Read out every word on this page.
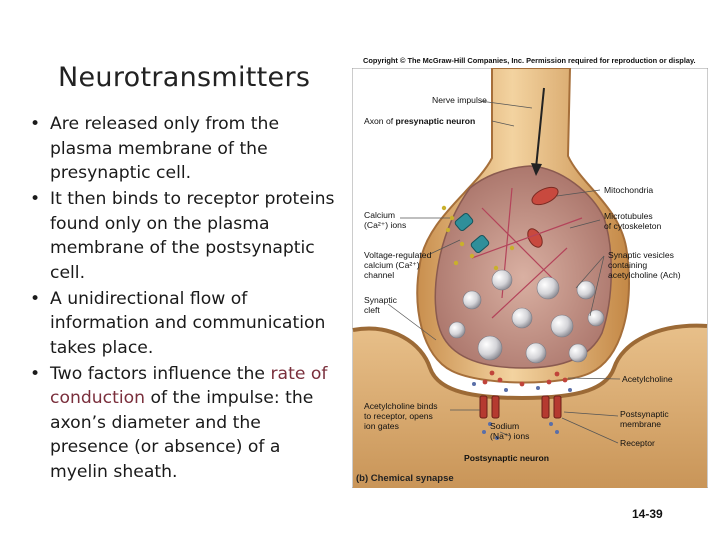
Neurotransmitters
• Are released only from the plasma membrane of the presynaptic cell.
• It then binds to receptor proteins found only on the plasma membrane of the postsynaptic cell.
• A unidirectional flow of information and communication takes place.
• Two factors influence the rate of conduction of the impulse: the axon’s diameter and the presence (or absence) of a myelin sheath.
Copyright © The McGraw-Hill Companies, Inc. Permission required for reproduction or display.
Nerve impulse
Axon of presynaptic neuron
Mitochondria
Calcium
(Ca²⁺) ions
Microtubules
of cytoskeleton
Voltage-regulated
calcium (Ca²⁺)
channel
Synaptic vesicles
containing
acetylcholine (Ach)
Synaptic
cleft
Acetylcholine
Acetylcholine binds
to receptor, opens
ion gates
Postsynaptic
membrane
Sodium
(Na⁺) ions
Receptor
Postsynaptic neuron
(b) Chemical synapse
14-39
